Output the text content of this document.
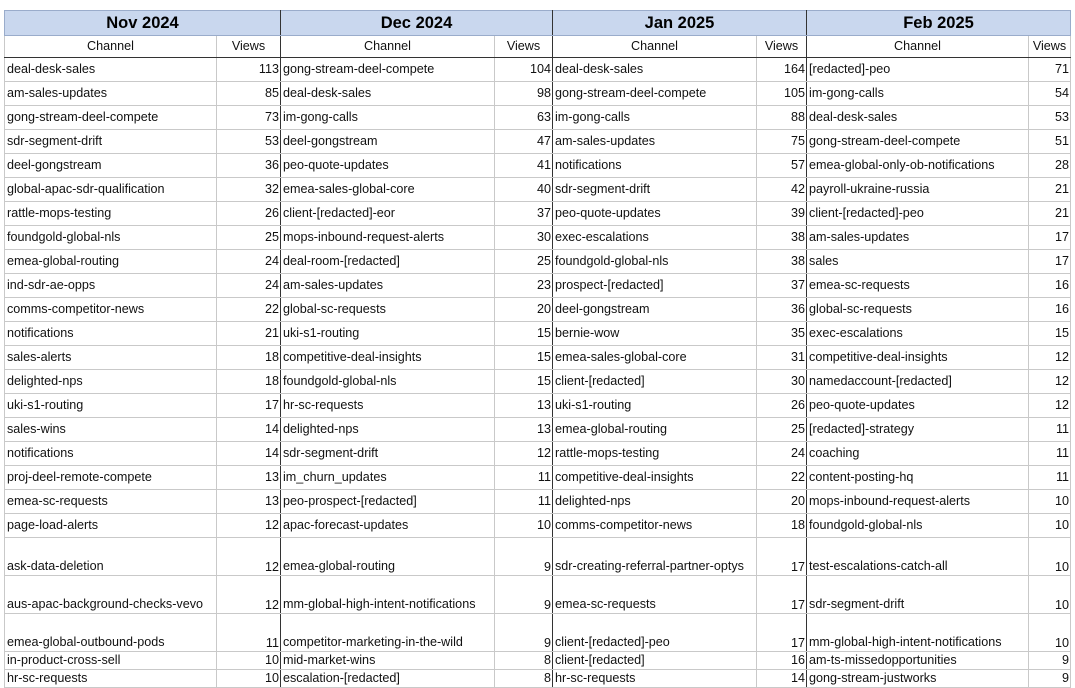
Nov 2024		Dec 2024		Jan 2025		Feb 2025	
Channel	Views	Channel	Views	Channel	Views	Channel	Views
deal-desk-sales	113	gong-stream-deel-compete	104	deal-desk-sales	164	[redacted]-peo	71
am-sales-updates	85	deal-desk-sales	98	gong-stream-deel-compete	105	im-gong-calls	54
gong-stream-deel-compete	73	im-gong-calls	63	im-gong-calls	88	deal-desk-sales	53
sdr-segment-drift	53	deel-gongstream	47	am-sales-updates	75	gong-stream-deel-compete	51
deel-gongstream	36	peo-quote-updates	41	notifications	57	emea-global-only-ob-notifications	28
global-apac-sdr-qualification	32	emea-sales-global-core	40	sdr-segment-drift	42	payroll-ukraine-russia	21
rattle-mops-testing	26	client-[redacted]-eor	37	peo-quote-updates	39	client-[redacted]-peo	21
foundgold-global-nls	25	mops-inbound-request-alerts	30	exec-escalations	38	am-sales-updates	17
emea-global-routing	24	deal-room-[redacted]	25	foundgold-global-nls	38	sales	17
ind-sdr-ae-opps	24	am-sales-updates	23	prospect-[redacted]	37	emea-sc-requests	16
comms-competitor-news	22	global-sc-requests	20	deel-gongstream	36	global-sc-requests	16
notifications	21	uki-s1-routing	15	bernie-wow	35	exec-escalations	15
sales-alerts	18	competitive-deal-insights	15	emea-sales-global-core	31	competitive-deal-insights	12
delighted-nps	18	foundgold-global-nls	15	client-[redacted]	30	namedaccount-[redacted]	12
uki-s1-routing	17	hr-sc-requests	13	uki-s1-routing	26	peo-quote-updates	12
sales-wins	14	delighted-nps	13	emea-global-routing	25	[redacted]-strategy	11
notifications	14	sdr-segment-drift	12	rattle-mops-testing	24	coaching	11
proj-deel-remote-compete	13	im_churn_updates	11	competitive-deal-insights	22	content-posting-hq	11
emea-sc-requests	13	peo-prospect-[redacted]	11	delighted-nps	20	mops-inbound-request-alerts	10
page-load-alerts	12	apac-forecast-updates	10	comms-competitor-news	18	foundgold-global-nls	10
ask-data-deletion	12	emea-global-routing	9	sdr-creating-referral-partner-optys	17	test-escalations-catch-all	10
aus-apac-background-checks-vevo	12	mm-global-high-intent-notifications	9	emea-sc-requests	17	sdr-segment-drift	10
emea-global-outbound-pods	11	competitor-marketing-in-the-wild	9	client-[redacted]-peo	17	mm-global-high-intent-notifications	10
in-product-cross-sell	10	mid-market-wins	8	client-[redacted]	16	am-ts-missedopportunities	9
hr-sc-requests	10	escalation-[redacted]	8	hr-sc-requests	14	gong-stream-justworks	9
